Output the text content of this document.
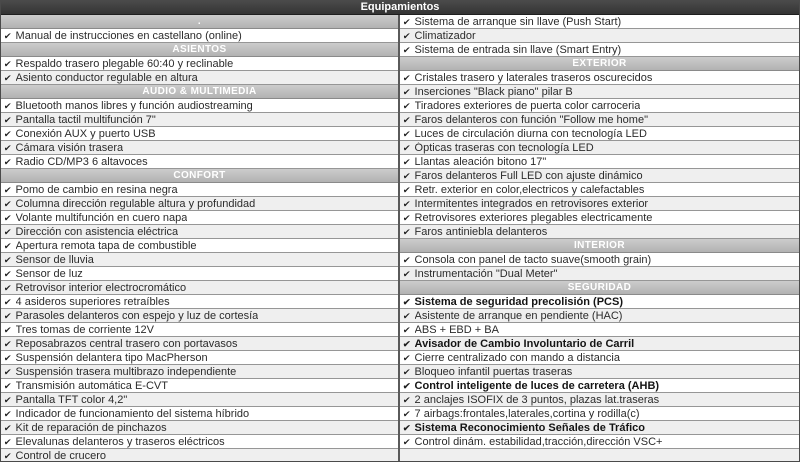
Equipamientos
.
✔ Manual de instrucciones en castellano (online)
ASIENTOS
✔ Respaldo trasero plegable 60:40 y reclinable
✔ Asiento conductor regulable en altura
AUDIO & MULTIMEDIA
✔ Bluetooth manos libres y función audiostreaming
✔ Pantalla tactil multifunción 7"
✔ Conexión AUX y puerto USB
✔ Cámara visión trasera
✔ Radio CD/MP3 6 altavoces
CONFORT
✔ Pomo de cambio en resina negra
✔ Columna dirección regulable altura y profundidad
✔ Volante multifunción en cuero napa
✔ Dirección con asistencia eléctrica
✔ Apertura remota tapa de combustible
✔ Sensor de lluvia
✔ Sensor de luz
✔ Retrovisor interior electrocromático
✔ 4 asideros superiores retraíbles
✔ Parasoles delanteros con espejo y luz de cortesía
✔ Tres tomas de corriente 12V
✔ Reposabrazos central trasero con portavasos
✔ Suspensión delantera tipo MacPherson
✔ Suspensión trasera multibrazo independiente
✔ Transmisión automática E-CVT
✔ Pantalla TFT color 4,2"
✔ Indicador de funcionamiento del sistema híbrido
✔ Kit de reparación de pinchazos
✔ Elevalunas delanteros y traseros eléctricos
✔ Control de crucero
✔ Sistema de arranque sin llave (Push Start)
✔ Climatizador
✔ Sistema de entrada sin llave (Smart Entry)
EXTERIOR
✔ Cristales trasero y laterales traseros oscurecidos
✔ Inserciones "Black piano" pilar B
✔ Tiradores exteriores de puerta color carroceria
✔ Faros delanteros con función "Follow me home"
✔ Luces de circulación diurna con tecnología LED
✔ Ópticas traseras con tecnología LED
✔ Llantas aleación bitono 17"
✔ Faros delanteros Full LED con ajuste dinámico
✔ Retr. exterior en color,electricos y calefactables
✔ Intermitentes integrados en retrovisores exterior
✔ Retrovisores exteriores plegables electricamente
✔ Faros antiniebla delanteros
INTERIOR
✔ Consola con panel de tacto suave(smooth grain)
✔ Instrumentación "Dual Meter"
SEGURIDAD
✔ Sistema de seguridad precolisión (PCS)
✔ Asistente de arranque en pendiente (HAC)
✔ ABS + EBD + BA
✔ Avisador de Cambio Involuntario de Carril
✔ Cierre centralizado con mando a distancia
✔ Bloqueo infantil puertas traseras
✔ Control inteligente de luces de carretera (AHB)
✔ 2 anclajes ISOFIX de 3 puntos, plazas lat.traseras
✔ 7 airbags:frontales,laterales,cortina y rodilla(c)
✔ Sistema Reconocimiento Señales de Tráfico
✔ Control dinám. estabilidad,tracción,dirección VSC+
